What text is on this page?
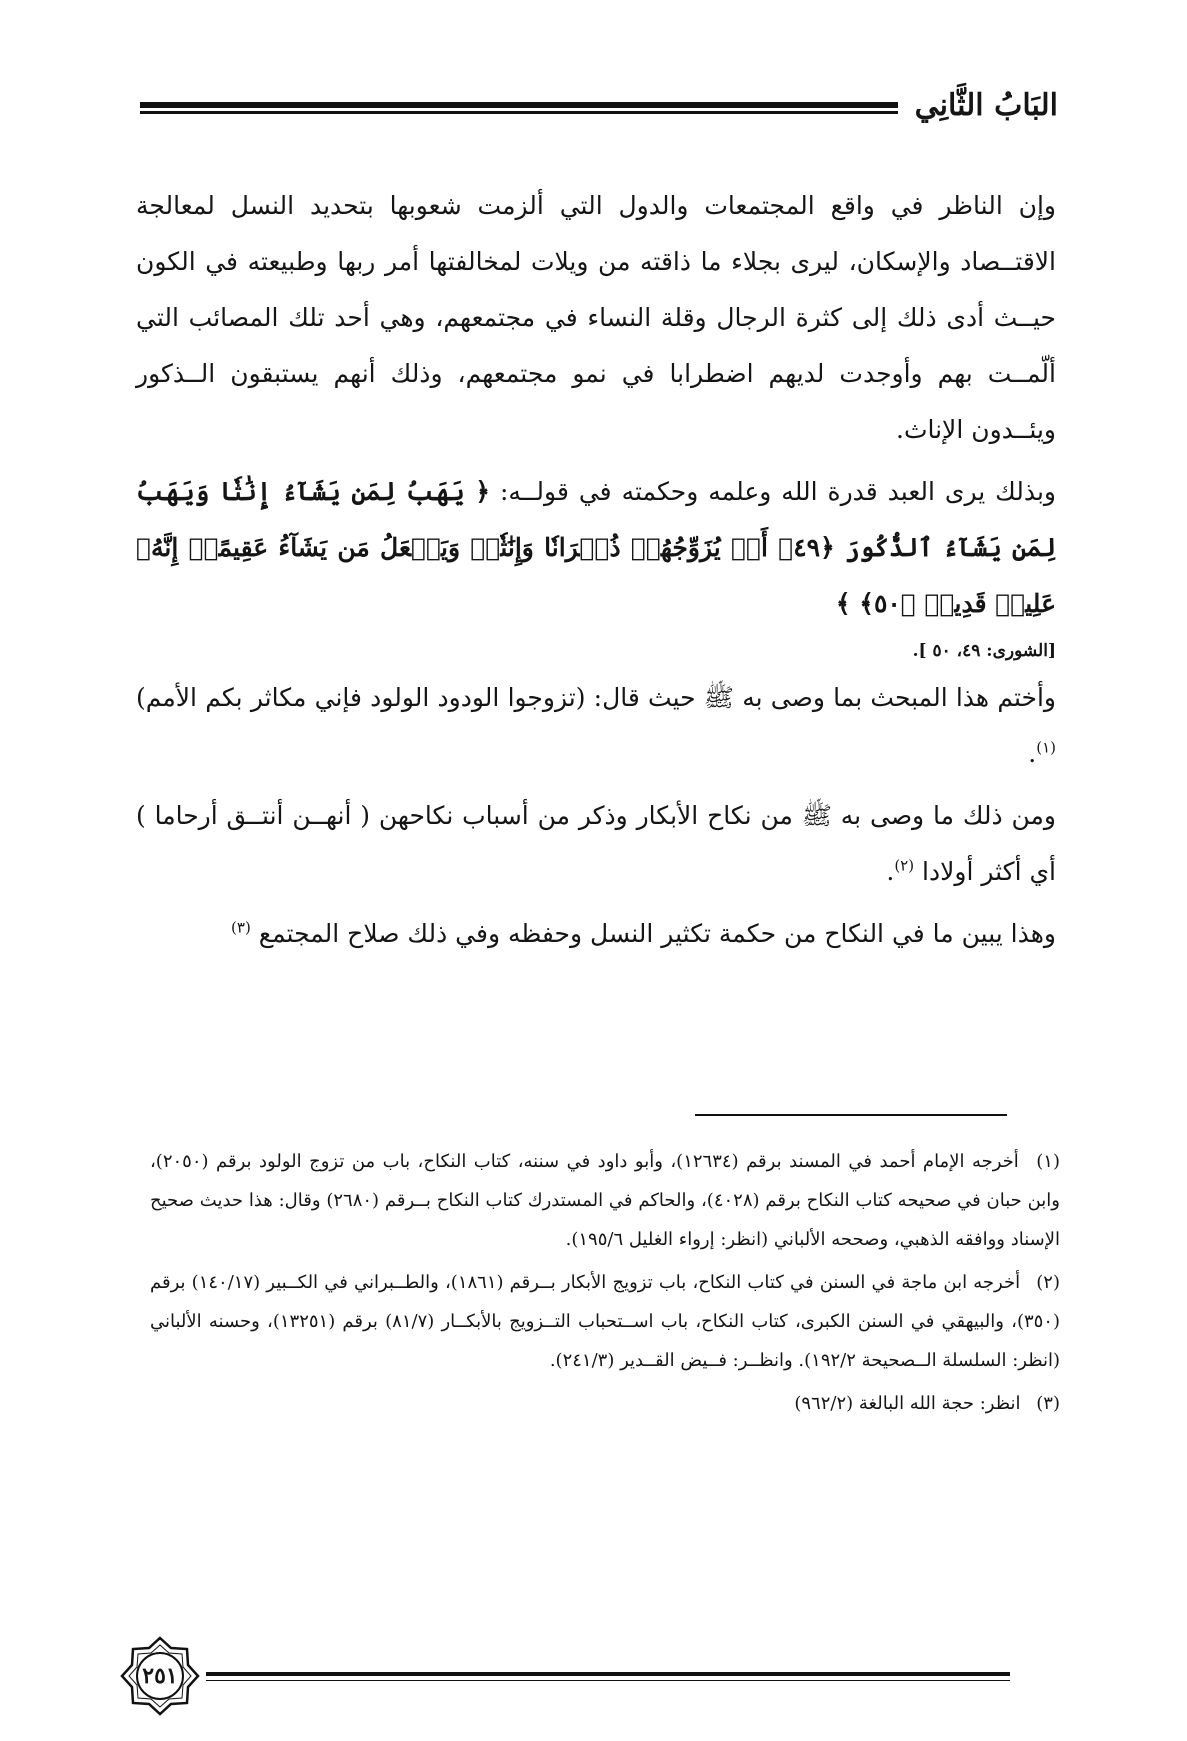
البَابُ الثَّانِي

وإن الناظر في واقع المجتمعات والدول التي ألزمت شعوبها بتحديد النسل لمعالجة الاقتــصاد والإسكان، ليرى بجلاء ما ذاقته من ويلات لمخالفتها أمر ربها وطبيعته في الكون حيــث أدى ذلك إلى كثرة الرجال وقلة النساء في مجتمعهم، وهي أحد تلك المصائب التي ألّمــت بهم وأوجدت لديهم اضطرابا في نمو مجتمعهم، وذلك أنهم يستبقون الــذكور ويئــدون الإناث.

وبذلك يرى العبد قدرة الله وعلمه وحكمته في قولــه: ﴿ يَهَبُ لِمَن يَشَآءُ إِنَٰثٗا وَيَهَبُ لِمَن يَشَآءُ ٱلذُّكُورَ ﴿٤٩﴾ أَوۡ يُزَوِّجُهُمۡ ذُكۡرَانٗا وَإِنَٰثٗاۖ وَيَجۡعَلُ مَن يَشَآءُ عَقِيمًاۚ إِنَّهُۥ عَلِيمٞ قَدِيرٞ ﴿٥٠﴾ ﴾

[الشورى: ٤٩، ٥٠ ].

وأختم هذا المبحث بما وصى به ﷺ حيث قال: (تزوجوا الودود الولود فإني مكاثر بكم الأمم) $^{(١)}$.

ومن ذلك ما وصى به ﷺ من نكاح الأبكار وذكر من أسباب نكاحهن ( أنهــن أنتــق أرحاما ) أي أكثر أولادا $^{(٢)}$.

وهذا يبين ما في النكاح من حكمة تكثير النسل وحفظه وفي ذلك صلاح المجتمع $^{(٣)}$

(١) أخرجه الإمام أحمد في المسند برقم (١٢٦٣٤)، وأبو داود في سننه، كتاب النكاح، باب من تزوج الولود برقم (٢٠٥٠)، وابن حبان في صحيحه كتاب النكاح برقم (٤٠٢٨)، والحاكم في المستدرك كتاب النكاح بــرقم (٢٦٨٠) وقال: هذا حديث صحيح الإسناد ووافقه الذهبي، وصححه الألباني (انظر: إرواء الغليل ١٩٥/٦).

(٢) أخرجه ابن ماجة في السنن في كتاب النكاح، باب تزويج الأبكار بــرقم (١٨٦١)، والطــبراني في الكــبير (١٤٠/١٧) برقم (٣٥٠)، والبيهقي في السنن الكبرى، كتاب النكاح، باب اســتحباب التــزويج بالأبكــار (٨١/٧) برقم (١٣٢٥١)، وحسنه الألباني (انظر: السلسلة الــصحيحة ١٩٢/٢). وانظــر: فــيض القــدير (٢٤١/٣).

(٣) انظر: حجة الله البالغة (٩٦٢/٢)

٢٥١
